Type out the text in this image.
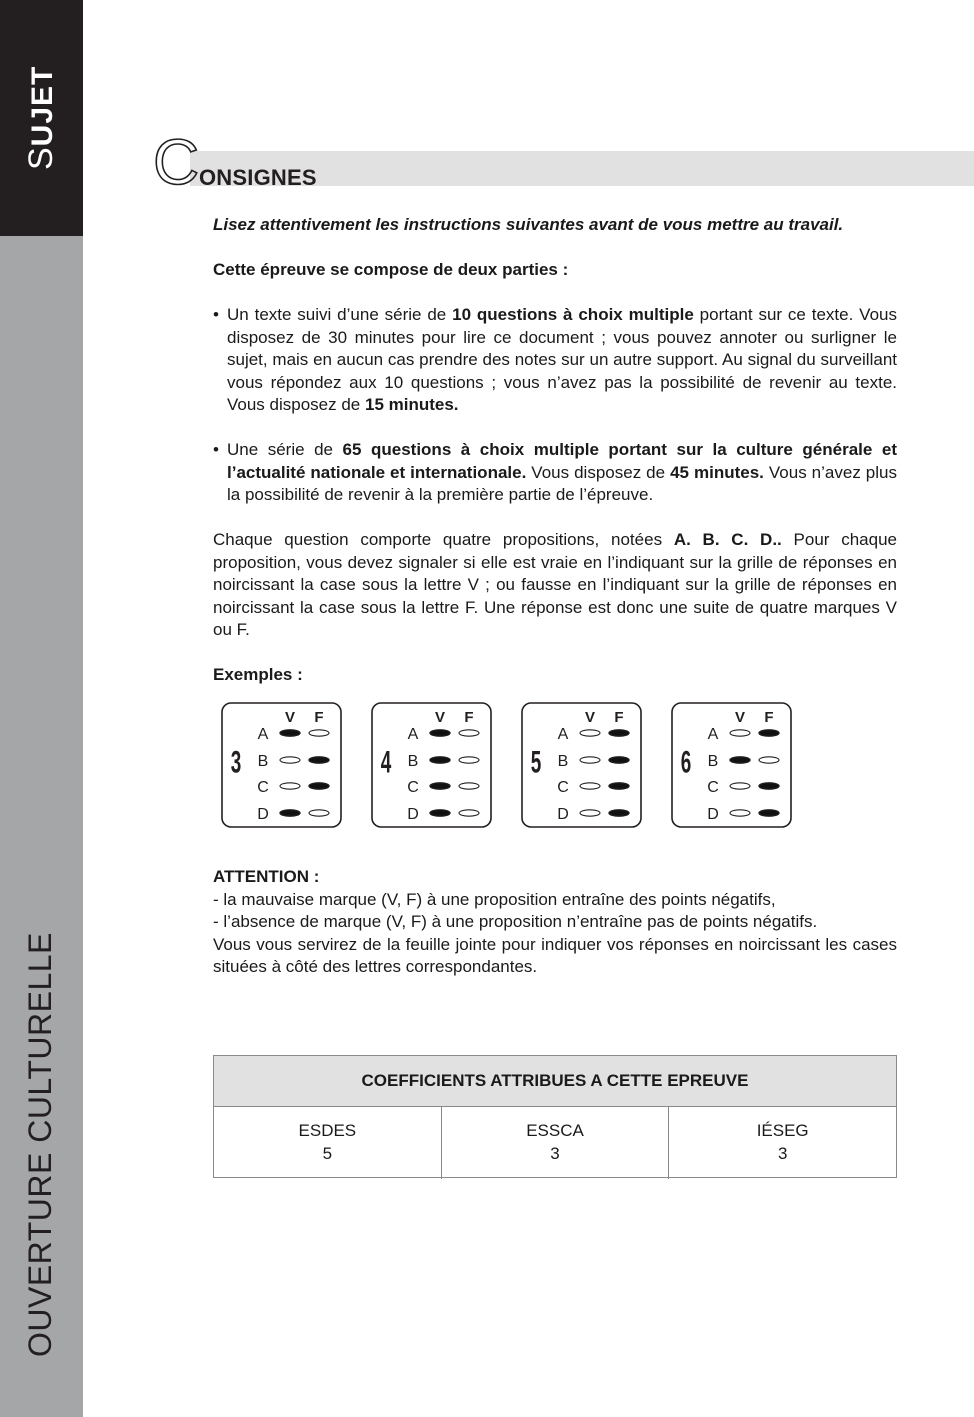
SUJET
OUVERTURE CULTURELLE
C ONSIGNES
Lisez attentivement les instructions suivantes avant de vous mettre au travail.
Cette épreuve se compose de deux parties :
• Un texte suivi d’une série de 10 questions à choix multiple portant sur ce texte. Vous disposez de 30 minutes pour lire ce document ; vous pouvez annoter ou surligner le sujet, mais en aucun cas prendre des notes sur un autre support. Au signal du surveillant vous répondez aux 10 questions ; vous n’avez pas la possibilité de revenir au texte. Vous disposez de 15 minutes.
• Une série de 65 questions à choix multiple portant sur la culture générale et l’actualité nationale et internationale. Vous disposez de 45 minutes. Vous n’avez plus la possibilité de revenir à la première partie de l’épreuve.
Chaque question comporte quatre propositions, notées A. B. C. D.. Pour chaque proposition, vous devez signaler si elle est vraie en l’indiquant sur la grille de réponses en noircissant la case sous la lettre V ; ou fausse en l’indiquant sur la grille de réponses en noircissant la case sous la lettre F. Une réponse est donc une suite de quatre marques V ou F.
Exemples :
3
V F
A
B
C
D
4
V F
A
B
C
D
5
V F
A
B
C
D
6
V F
A
B
C
D
ATTENTION :
- la mauvaise marque (V, F) à une proposition entraîne des points négatifs,
- l’absence de marque (V, F) à une proposition n’entraîne pas de points négatifs.
Vous vous servirez de la feuille jointe pour indiquer vos réponses en noircissant les cases situées à côté des lettres correspondantes.
COEFFICIENTS ATTRIBUES A CETTE EPREUVE
ESDES
5
ESSCA
3
IÉSEG
3
